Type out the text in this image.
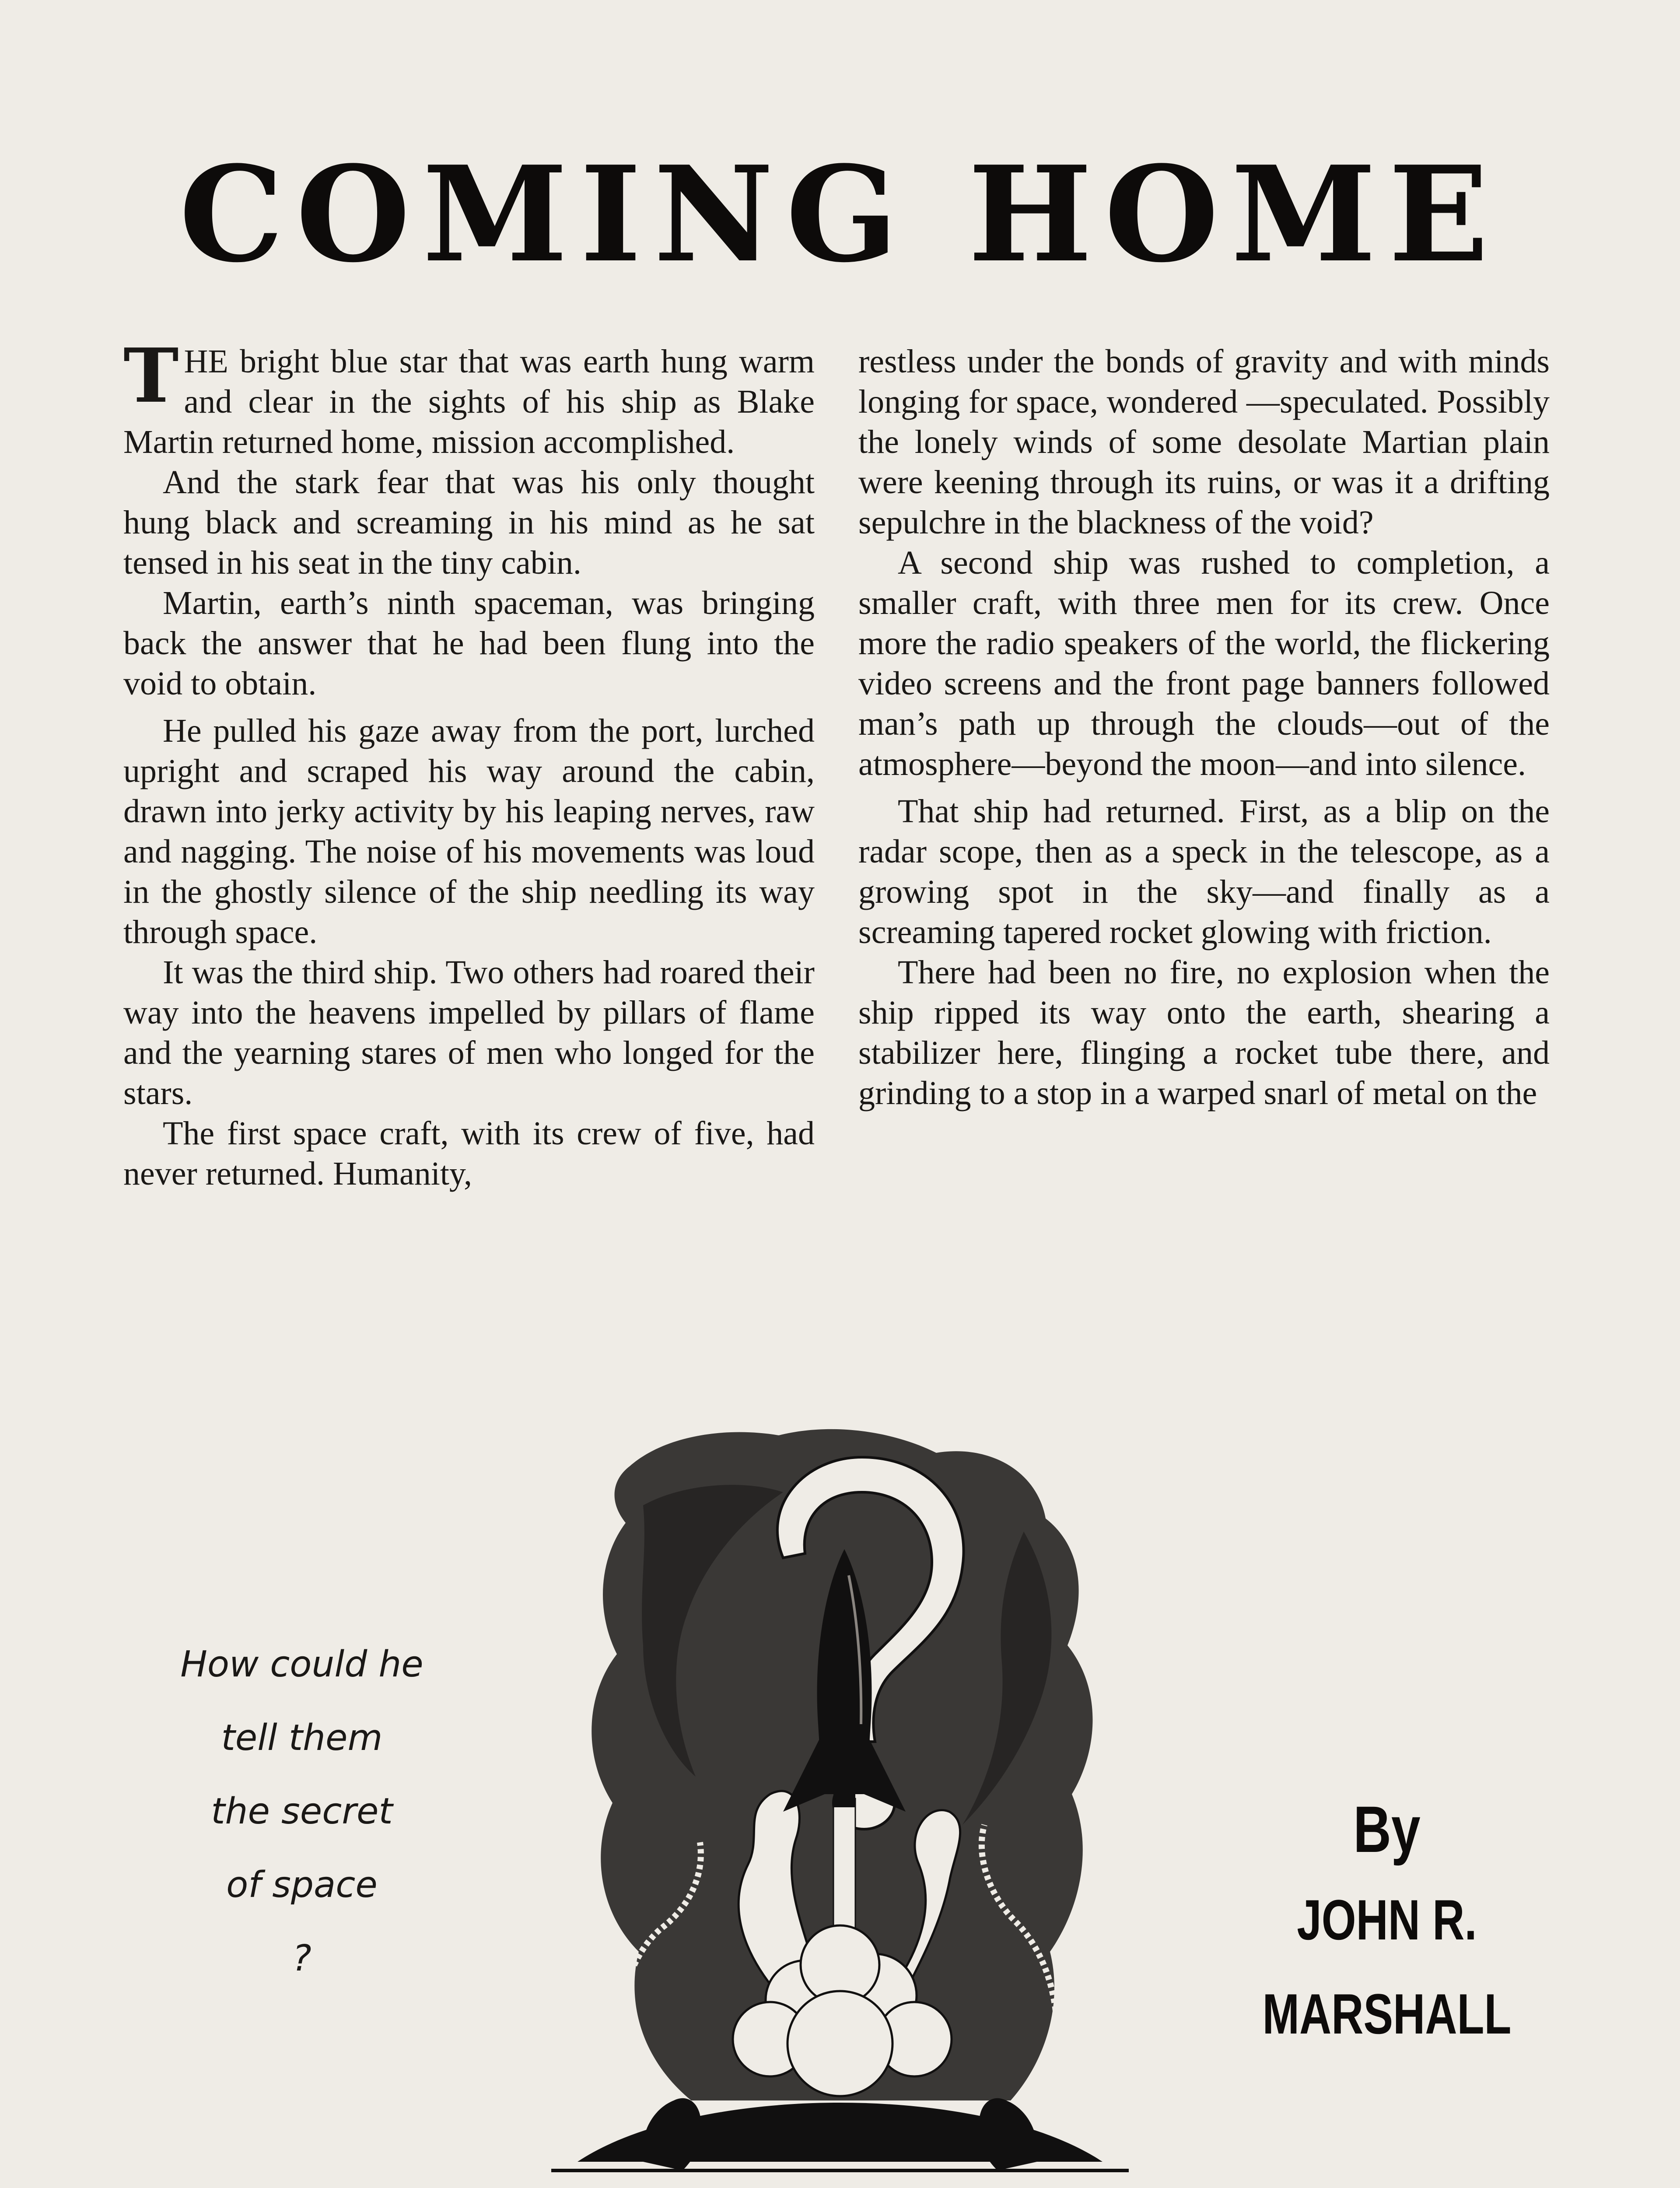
COMING HOME

THE bright blue star that was earth hung warm and clear in the sights of his ship as Blake Martin returned home, mission accomplished.

And the stark fear that was his only thought hung black and screaming in his mind as he sat tensed in his seat in the tiny cabin.

Martin, earth’s ninth spaceman, was bringing back the answer that he had been flung into the void to obtain.

He pulled his gaze away from the port, lurched upright and scraped his way around the cabin, drawn into jerky activity by his leaping nerves, raw and nagging. The noise of his movements was loud in the ghostly silence of the ship needling its way through space.

It was the third ship. Two others had roared their way into the heavens impelled by pillars of flame and the yearning stares of men who longed for the stars.

The first space craft, with its crew of five, had never returned. Humanity,

restless under the bonds of gravity and with minds longing for space, wondered —speculated. Possibly the lonely winds of some desolate Martian plain were keening through its ruins, or was it a drifting sepulchre in the blackness of the void?

A second ship was rushed to completion, a smaller craft, with three men for its crew. Once more the radio speakers of the world, the flickering video screens and the front page banners followed man’s path up through the clouds—out of the atmosphere—beyond the moon—and into silence.

That ship had returned. First, as a blip on the radar scope, then as a speck in the telescope, as a growing spot in the sky—and finally as a screaming tapered rocket glowing with friction.

There had been no fire, no explosion when the ship ripped its way onto the earth, shearing a stabilizer here, flinging a rocket tube there, and grinding to a stop in a warped snarl of metal on the

How could he
tell them
the secret
of space
?
By
JOHN R.
MARSHALL
